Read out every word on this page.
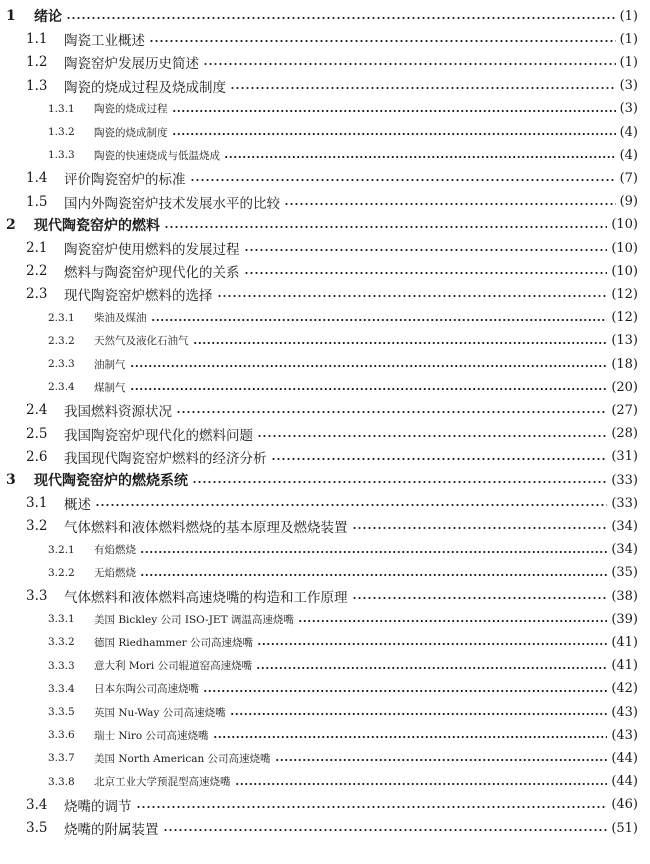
1	绪论	(1)
1.1	陶瓷工业概述	(1)
1.2	陶瓷窑炉发展历史简述	(1)
1.3	陶瓷的烧成过程及烧成制度	(3)
1.3.1	陶瓷的烧成过程	(3)
1.3.2	陶瓷的烧成制度	(4)
1.3.3	陶瓷的快速烧成与低温烧成	(4)
1.4	评价陶瓷窑炉的标准	(7)
1.5	国内外陶瓷窑炉技术发展水平的比较	(9)
2	现代陶瓷窑炉的燃料	(10)
2.1	陶瓷窑炉使用燃料的发展过程	(10)
2.2	燃料与陶瓷窑炉现代化的关系	(10)
2.3	现代陶瓷窑炉燃料的选择	(12)
2.3.1	柴油及煤油	(12)
2.3.2	天然气及液化石油气	(13)
2.3.3	油制气	(18)
2.3.4	煤制气	(20)
2.4	我国燃料资源状况	(27)
2.5	我国陶瓷窑炉现代化的燃料问题	(28)
2.6	我国现代陶瓷窑炉燃料的经济分析	(31)
3	现代陶瓷窑炉的燃烧系统	(33)
3.1	概述	(33)
3.2	气体燃料和液体燃料燃烧的基本原理及燃烧装置	(34)
3.2.1	有焰燃烧	(34)
3.2.2	无焰燃烧	(35)
3.3	气体燃料和液体燃料高速烧嘴的构造和工作原理	(38)
3.3.1	美国 Bickley 公司 ISO-JET 调温高速烧嘴	(39)
3.3.2	德国 Riedhammer 公司高速烧嘴	(41)
3.3.3	意大利 Mori 公司辊道窑高速烧嘴	(41)
3.3.4	日本东陶公司高速烧嘴	(42)
3.3.5	英国 Nu-Way 公司高速烧嘴	(43)
3.3.6	瑞士 Niro 公司高速烧嘴	(43)
3.3.7	美国 North American 公司高速烧嘴	(44)
3.3.8	北京工业大学预混型高速烧嘴	(44)
3.4	烧嘴的调节	(46)
3.5	烧嘴的附属装置	(51)
